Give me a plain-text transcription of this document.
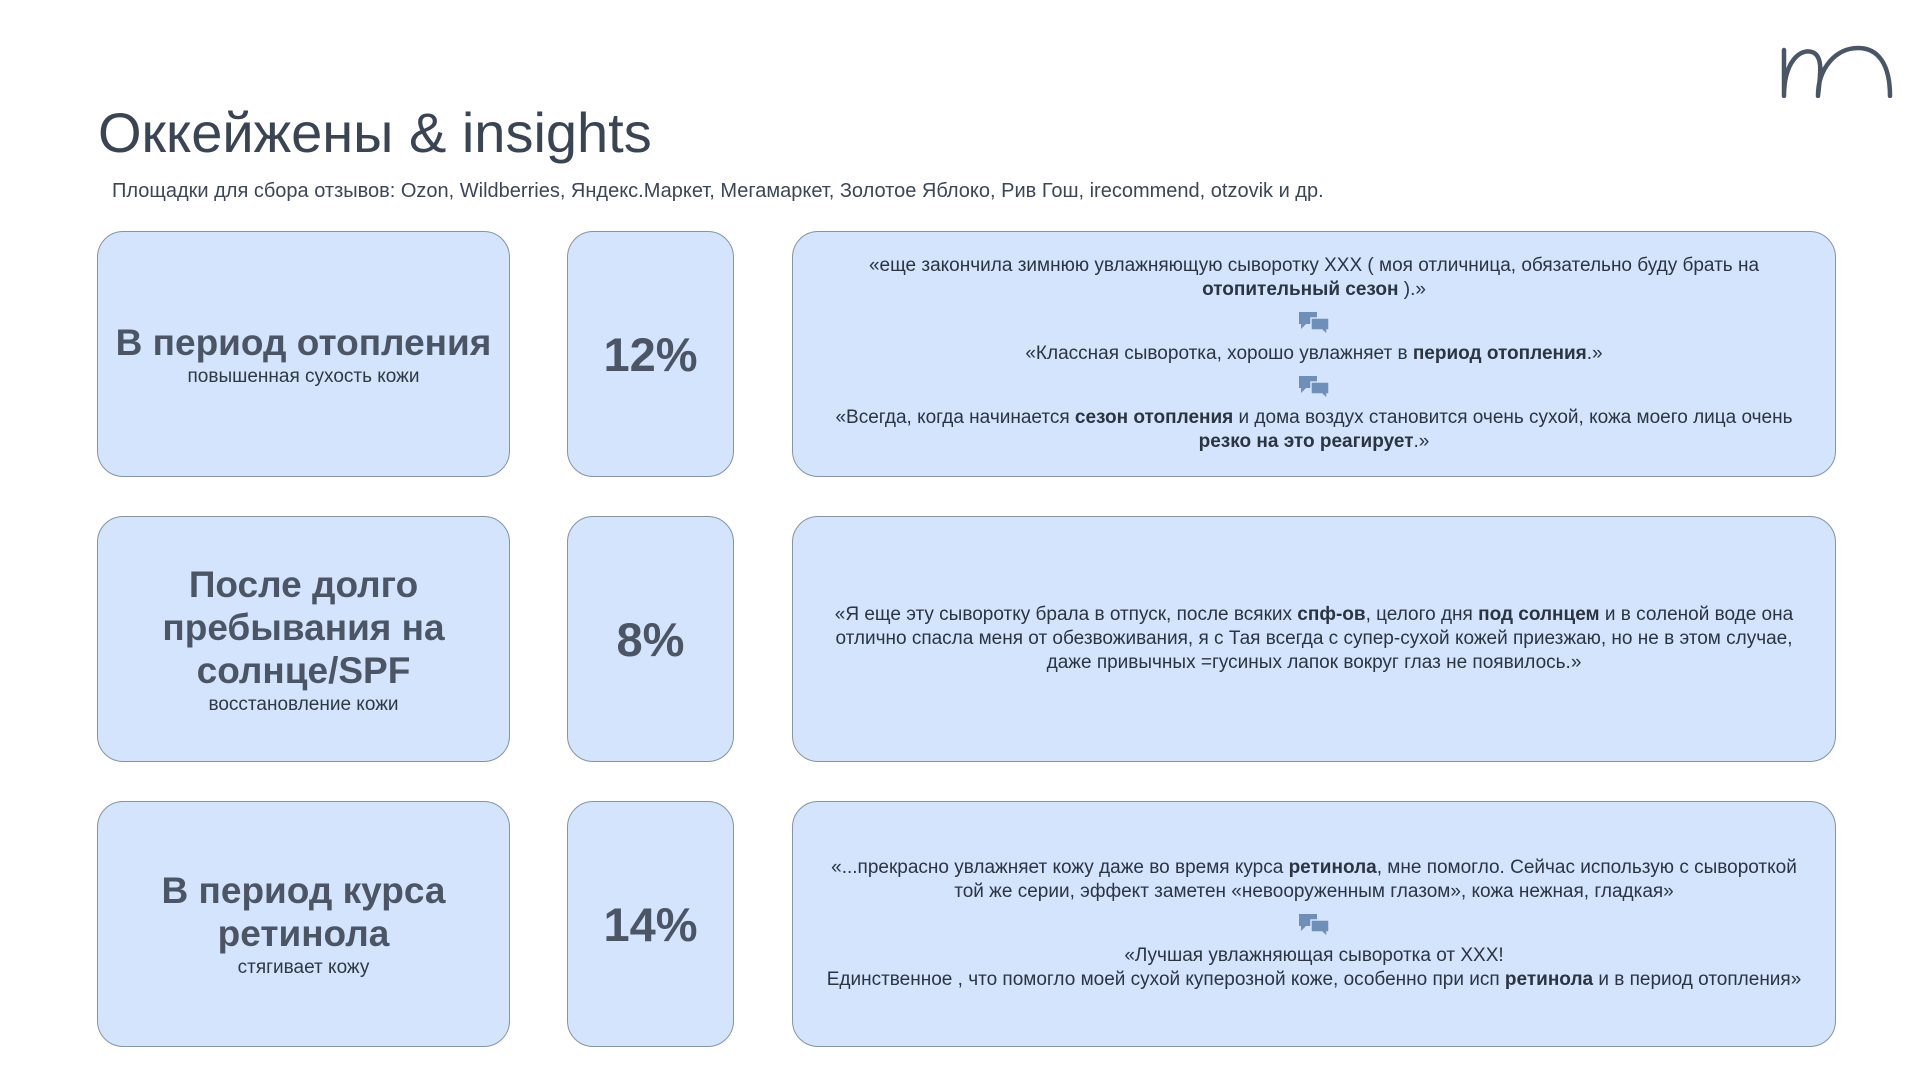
Оккейжены & insights

Площадки для сбора отзывов: Ozon, Wildberries, Яндекс.Маркет, Мегамаркет, Золотое Яблоко, Рив Гош, irecommend, otzovik и др.

В период отопления
повышенная сухость кожи	12%
«еще закончила зимнюю увлажняющую сыворотку XXX ( моя отличница, обязательно буду брать на отопительный сезон ).»
«Классная сыворотка, хорошо увлажняет в период отопления.»
«Всегда, когда начинается сезон отопления и дома воздух становится очень сухой, кожа моего лица очень резко на это реагирует.»
После долго пребывания на солнце/SPF
восстановление кожи
8%	«Я еще эту сыворотку брала в отпуск, после всяких спф-ов, целого дня под солнцем и в соленой воде она отлично спасла меня от обезвоживания, я с Тая всегда с супер-сухой кожей приезжаю, но не в этом случае, даже привычных =гусиных лапок вокруг глаз не появилось.»
В период курса ретинола
стягивает кожу
14%
«...прекрасно увлажняет кожу даже во время курса ретинола, мне помогло. Сейчас использую с сывороткой той же серии, эффект заметен «невооруженным глазом», кожа нежная, гладкая»
«Лучшая увлажняющая сыворотка от XXX!
Единственное , что помогло моей сухой куперозной коже, особенно при исп ретинола и в период отопления»
